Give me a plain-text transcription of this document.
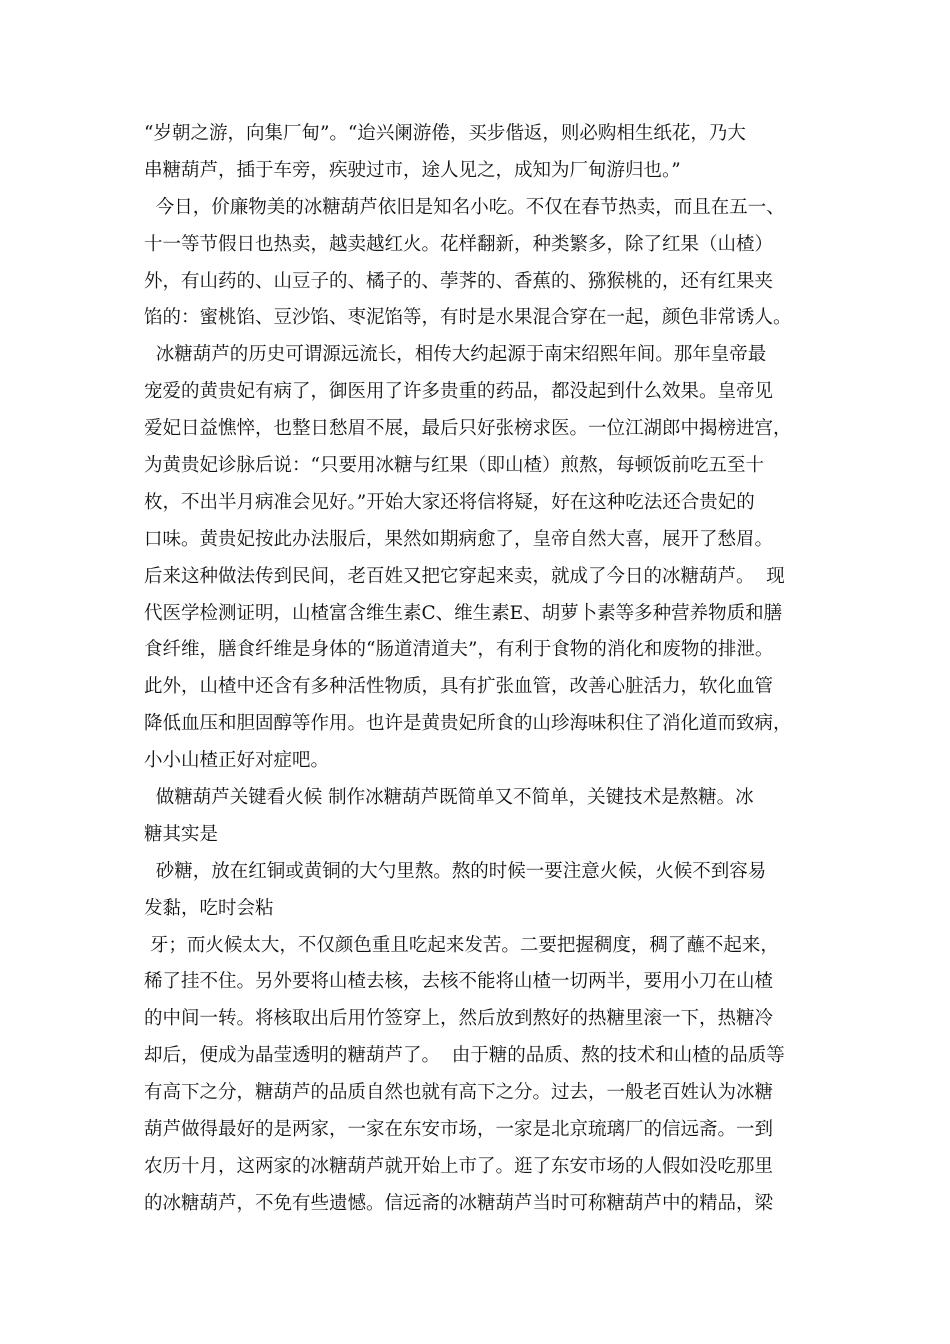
“岁朝之游，向集厂甸”。“迨兴阑游倦，买步偕返，则必购相生纸花，乃大
串糖葫芦，插于车旁，疾驶过市，途人见之，成知为厂甸游归也。”
今日，价廉物美的冰糖葫芦依旧是知名小吃。不仅在春节热卖，而且在五一、
十一等节假日也热卖，越卖越红火。花样翻新，种类繁多，除了红果（山楂）
外，有山药的、山豆子的、橘子的、荸荠的、香蕉的、猕猴桃的，还有红果夹
馅的：蜜桃馅、豆沙馅、枣泥馅等，有时是水果混合穿在一起，颜色非常诱人。
冰糖葫芦的历史可谓源远流长，相传大约起源于南宋绍熙年间。那年皇帝最
宠爱的黄贵妃有病了，御医用了许多贵重的药品，都没起到什么效果。皇帝见
爱妃日益憔悴，也整日愁眉不展，最后只好张榜求医。一位江湖郎中揭榜进宫，
为黄贵妃诊脉后说：“只要用冰糖与红果（即山楂）煎熬，每顿饭前吃五至十
枚，不出半月病准会见好。”开始大家还将信将疑，好在这种吃法还合贵妃的
口味。黄贵妃按此办法服后，果然如期病愈了，皇帝自然大喜，展开了愁眉。
后来这种做法传到民间，老百姓又把它穿起来卖，就成了今日的冰糖葫芦。  现
代医学检测证明，山楂富含维生素C、维生素E、胡萝卜素等多种营养物质和膳
食纤维，膳食纤维是身体的“肠道清道夫”，有利于食物的消化和废物的排泄。
此外，山楂中还含有多种活性物质，具有扩张血管，改善心脏活力，软化血管
降低血压和胆固醇等作用。也许是黄贵妃所食的山珍海味积住了消化道而致病，
小小山楂正好对症吧。
做糖葫芦关键看火候 制作冰糖葫芦既简单又不简单，关键技术是熬糖。冰
糖其实是
砂糖，放在红铜或黄铜的大勺里熬。熬的时候一要注意火候，火候不到容易
发黏，吃时会粘
牙；而火候太大，不仅颜色重且吃起来发苦。二要把握稠度，稠了蘸不起来，
稀了挂不住。另外要将山楂去核，去核不能将山楂一切两半，要用小刀在山楂
的中间一转。将核取出后用竹签穿上，然后放到熬好的热糖里滚一下，热糖冷
却后，便成为晶莹透明的糖葫芦了。  由于糖的品质、熬的技术和山楂的品质等
有高下之分，糖葫芦的品质自然也就有高下之分。过去，一般老百姓认为冰糖
葫芦做得最好的是两家，一家在东安市场，一家是北京琉璃厂的信远斋。一到
农历十月，这两家的冰糖葫芦就开始上市了。逛了东安市场的人假如没吃那里
的冰糖葫芦，不免有些遗憾。信远斋的冰糖葫芦当时可称糖葫芦中的精品，梁
